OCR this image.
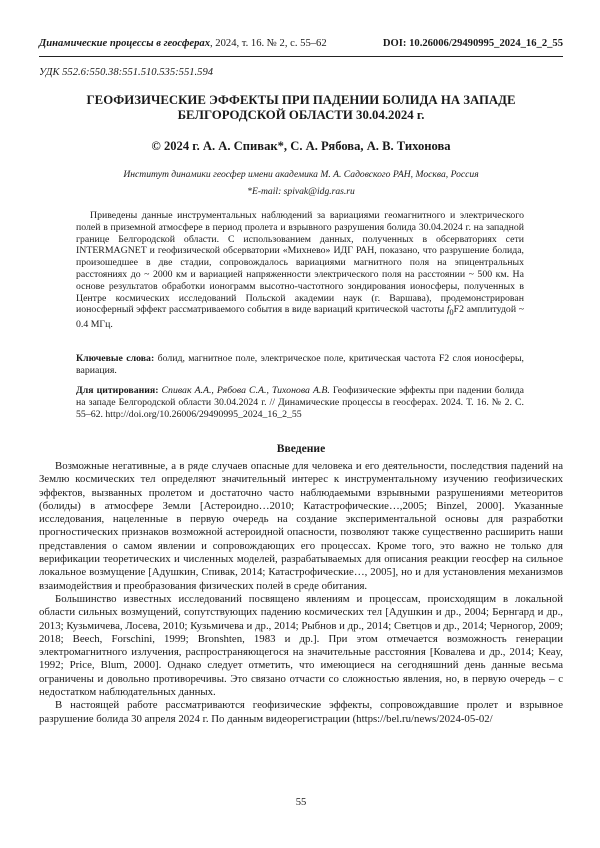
Динамические процессы в геосферах, 2024, т. 16. № 2, с. 55–62	DOI: 10.26006/29490995_2024_16_2_55
УДК 552.6:550.38:551.510.535:551.594
ГЕОФИЗИЧЕСКИЕ ЭФФЕКТЫ ПРИ ПАДЕНИИ БОЛИДА НА ЗАПАДЕ БЕЛГОРОДСКОЙ ОБЛАСТИ 30.04.2024 г.
© 2024 г. А. А. Спивак*, С. А. Рябова, А. В. Тихонова
Институт динамики геосфер имени академика М. А. Садовского РАН, Москва, Россия
*E-mail: spivak@idg.ras.ru

Приведены данные инструментальных наблюдений за вариациями геомагнитного и электрического полей в приземной атмосфере в период пролета и взрывного разрушения болида 30.04.2024 г. на западной границе Белгородской области. С использованием данных, полученных в обсерваториях сети INTERMAGNET и геофизической обсерватории «Михнево» ИДГ РАН, показано, что разрушение болида, произошедшее в две стадии, сопровождалось вариациями магнитного поля на эпицентральных расстояниях до ~ 2000 км и вариацией напряженности электрического поля на расстоянии ~ 500 км. На основе результатов обработки ионограмм высотно-частотного зондирования ионосферы, полученных в Центре космических исследований Польской академии наук (г. Варшава), продемонстрирован ионосферный эффект рассматриваемого события в виде вариаций критической частоты $f_0F2$ амплитудой ~ 0.4 МГц.

Ключевые слова: болид, магнитное поле, электрическое поле, критическая частота F2 слоя ионосферы, вариация.

Для цитирования: Спивак А.А., Рябова С.А., Тихонова А.В. Геофизические эффекты при падении болида на западе Белгородской области 30.04.2024 г. // Динамические процессы в геосферах. 2024. Т. 16. № 2. С. 55–62. http://doi.org/10.26006/29490995_2024_16_2_55

Введение

Возможные негативные, а в ряде случаев опасные для человека и его деятельности, последствия падений на Землю космических тел определяют значительный интерес к инструментальному изучению геофизических эффектов, вызванных пролетом и достаточно часто наблюдаемыми взрывными разрушениями метеоритов (болиды) в атмосфере Земли [Астероидно…2010; Катастрофические…,2005; Binzel, 2000]. Указанные исследования, нацеленные в первую очередь на создание экспериментальной основы для разработки прогностических признаков возможной астероидной опасности, позволяют также существенно расширить наши представления о самом явлении и сопровождающих его процессах. Кроме того, это важно не только для верификации теоретических и численных моделей, разрабатываемых для описания реакции геосфер на сильное локальное возмущение [Адушкин, Спивак, 2014; Катастрофические…, 2005], но и для установления механизмов взаимодействия и преобразования физических полей в среде обитания.

Большинство известных исследований посвящено явлениям и процессам, происходящим в локальной области сильных возмущений, сопутствующих падению космических тел [Адушкин и др., 2004; Бернгард и др., 2013; Кузьмичева, Лосева, 2010; Кузьмичева и др., 2014; Рыбнов и др., 2014; Светцов и др., 2014; Черногор, 2009; 2018; Beech, Forschini, 1999; Bronshten, 1983 и др.]. При этом отмечается возможность генерации электромагнитного излучения, распространяющегося на значительные расстояния [Ковалева и др., 2014; Keay, 1992; Price, Blum, 2000]. Однако следует отметить, что имеющиеся на сегодняшний день данные весьма ограничены и довольно противоречивы. Это связано отчасти со сложностью явления, но, в первую очередь – с недостатком наблюдательных данных.

В настоящей работе рассматриваются геофизические эффекты, сопровождавшие пролет и взрывное разрушение болида 30 апреля 2024 г. По данным видеорегистрации (https://bel.ru/news/2024-05-02/

55
